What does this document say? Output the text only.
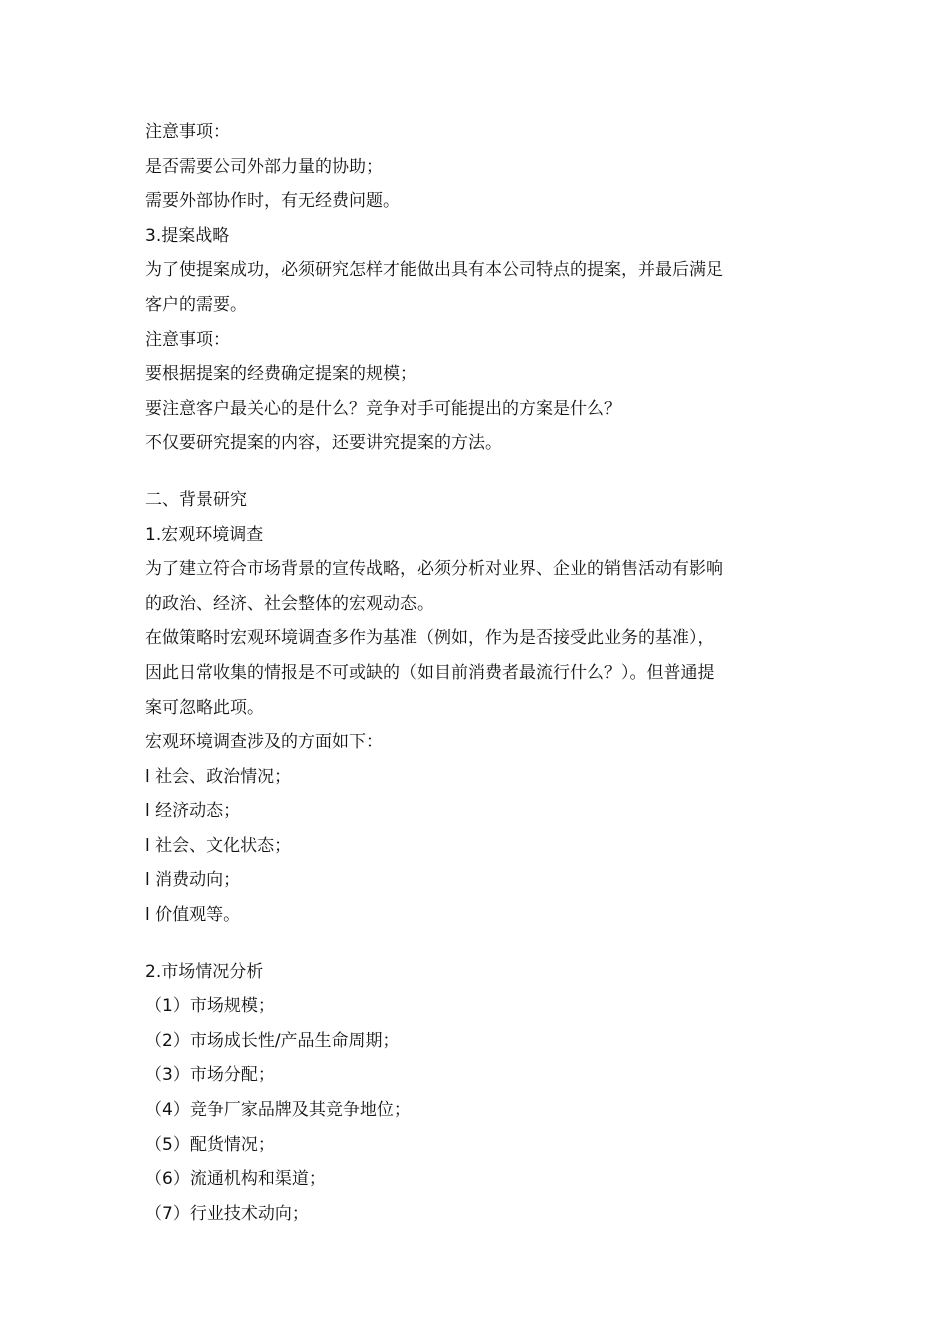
注意事项：
是否需要公司外部力量的协助；
需要外部协作时，有无经费问题。
3.提案战略
为了使提案成功，必须研究怎样才能做出具有本公司特点的提案，并最后满足
客户的需要。
注意事项：
要根据提案的经费确定提案的规模；
要注意客户最关心的是什么？竞争对手可能提出的方案是什么？
不仅要研究提案的内容，还要讲究提案的方法。
二、背景研究
1.宏观环境调查
为了建立符合市场背景的宣传战略，必须分析对业界、企业的销售活动有影响
的政治、经济、社会整体的宏观动态。
在做策略时宏观环境调查多作为基准（例如，作为是否接受此业务的基准），
因此日常收集的情报是不可或缺的（如目前消费者最流行什么？）。但普通提
案可忽略此项。
宏观环境调查涉及的方面如下：
l 社会、政治情况；
l 经济动态；
l 社会、文化状态；
l 消费动向；
l 价值观等。
2.市场情况分析
（1）市场规模；
（2）市场成长性/产品生命周期；
（3）市场分配；
（4）竞争厂家品牌及其竞争地位；
（5）配货情况；
（6）流通机构和渠道；
（7）行业技术动向；
